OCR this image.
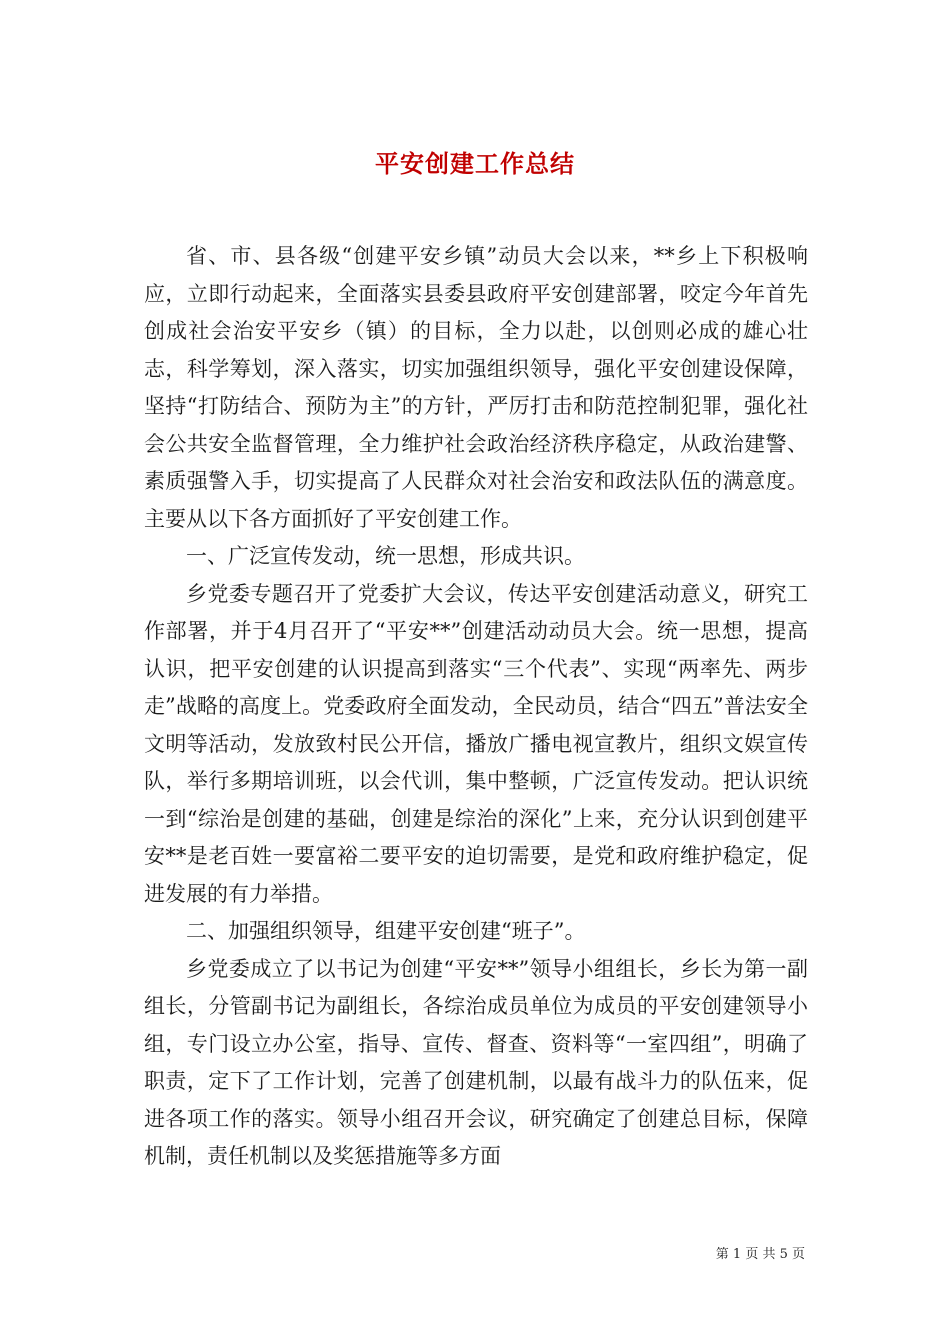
平安创建工作总结

省、市、县各级“创建平安乡镇”动员大会以来，**乡上下积极响应，立即行动起来，全面落实县委县政府平安创建部署，咬定今年首先创成社会治安平安乡（镇）的目标，全力以赴，以创则必成的雄心壮志，科学筹划，深入落实，切实加强组织领导，强化平安创建设保障，坚持“打防结合、预防为主”的方针，严厉打击和防范控制犯罪，强化社会公共安全监督管理，全力维护社会政治经济秩序稳定，从政治建警、素质强警入手，切实提高了人民群众对社会治安和政法队伍的满意度。主要从以下各方面抓好了平安创建工作。

一、广泛宣传发动，统一思想，形成共识。

乡党委专题召开了党委扩大会议，传达平安创建活动意义，研究工作部署，并于4月召开了“平安**”创建活动动员大会。统一思想，提高认识，把平安创建的认识提高到落实“三个代表”、实现“两率先、两步走”战略的高度上。党委政府全面发动，全民动员，结合“四五”普法安全文明等活动，发放致村民公开信，播放广播电视宣教片，组织文娱宣传队，举行多期培训班，以会代训，集中整顿，广泛宣传发动。把认识统一到“综治是创建的基础，创建是综治的深化”上来，充分认识到创建平安**是老百姓一要富裕二要平安的迫切需要，是党和政府维护稳定，促进发展的有力举措。

二、加强组织领导，组建平安创建“班子”。

乡党委成立了以书记为创建“平安**”领导小组组长，乡长为第一副组长，分管副书记为副组长，各综治成员单位为成员的平安创建领导小组，专门设立办公室，指导、宣传、督查、资料等“一室四组”，明确了职责，定下了工作计划，完善了创建机制，以最有战斗力的队伍来，促进各项工作的落实。领导小组召开会议，研究确定了创建总目标，保障机制，责任机制以及奖惩措施等多方面

第 1 页 共 5 页
